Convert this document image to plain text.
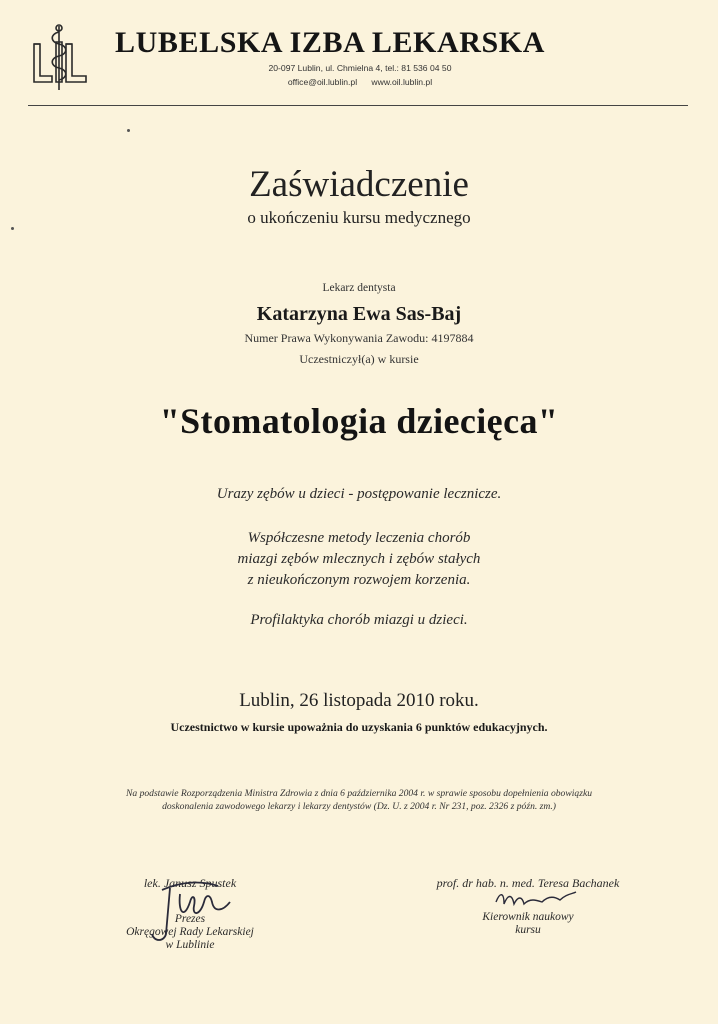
LUBELSKA IZBA LEKARSKA
20-097 Lublin, ul. Chmielna 4, tel.: 81 536 04 50
office@oil.lublin.pl      www.oil.lublin.pl
Zaświadczenie
o ukończeniu kursu medycznego
Lekarz dentysta
Katarzyna Ewa Sas-Baj
Numer Prawa Wykonywania Zawodu: 4197884
Uczestniczył(a) w kursie
"Stomatologia dziecięca"
Urazy zębów u dzieci - postępowanie lecznicze.
Współczesne metody leczenia chorób
miazgi zębów mlecznych i zębów stałych
z nieukończonym rozwojem korzenia.
Profilaktyka chorób miazgi u dzieci.
Lublin, 26 listopada 2010 roku.
Uczestnictwo w kursie upoważnia do uzyskania 6 punktów edukacyjnych.
Na podstawie Rozporządzenia Ministra Zdrowia z dnia 6 października 2004 r. w sprawie sposobu dopełnienia obowiązku
doskonalenia zawodowego lekarzy i lekarzy dentystów (Dz. U. z 2004 r. Nr 231, poz. 2326 z późn. zm.)
lek. Janusz Spustek
Prezes
Okręgowej Rady Lekarskiej
w Lublinie
prof. dr hab. n. med. Teresa Bachanek
Kierownik naukowy
kursu
